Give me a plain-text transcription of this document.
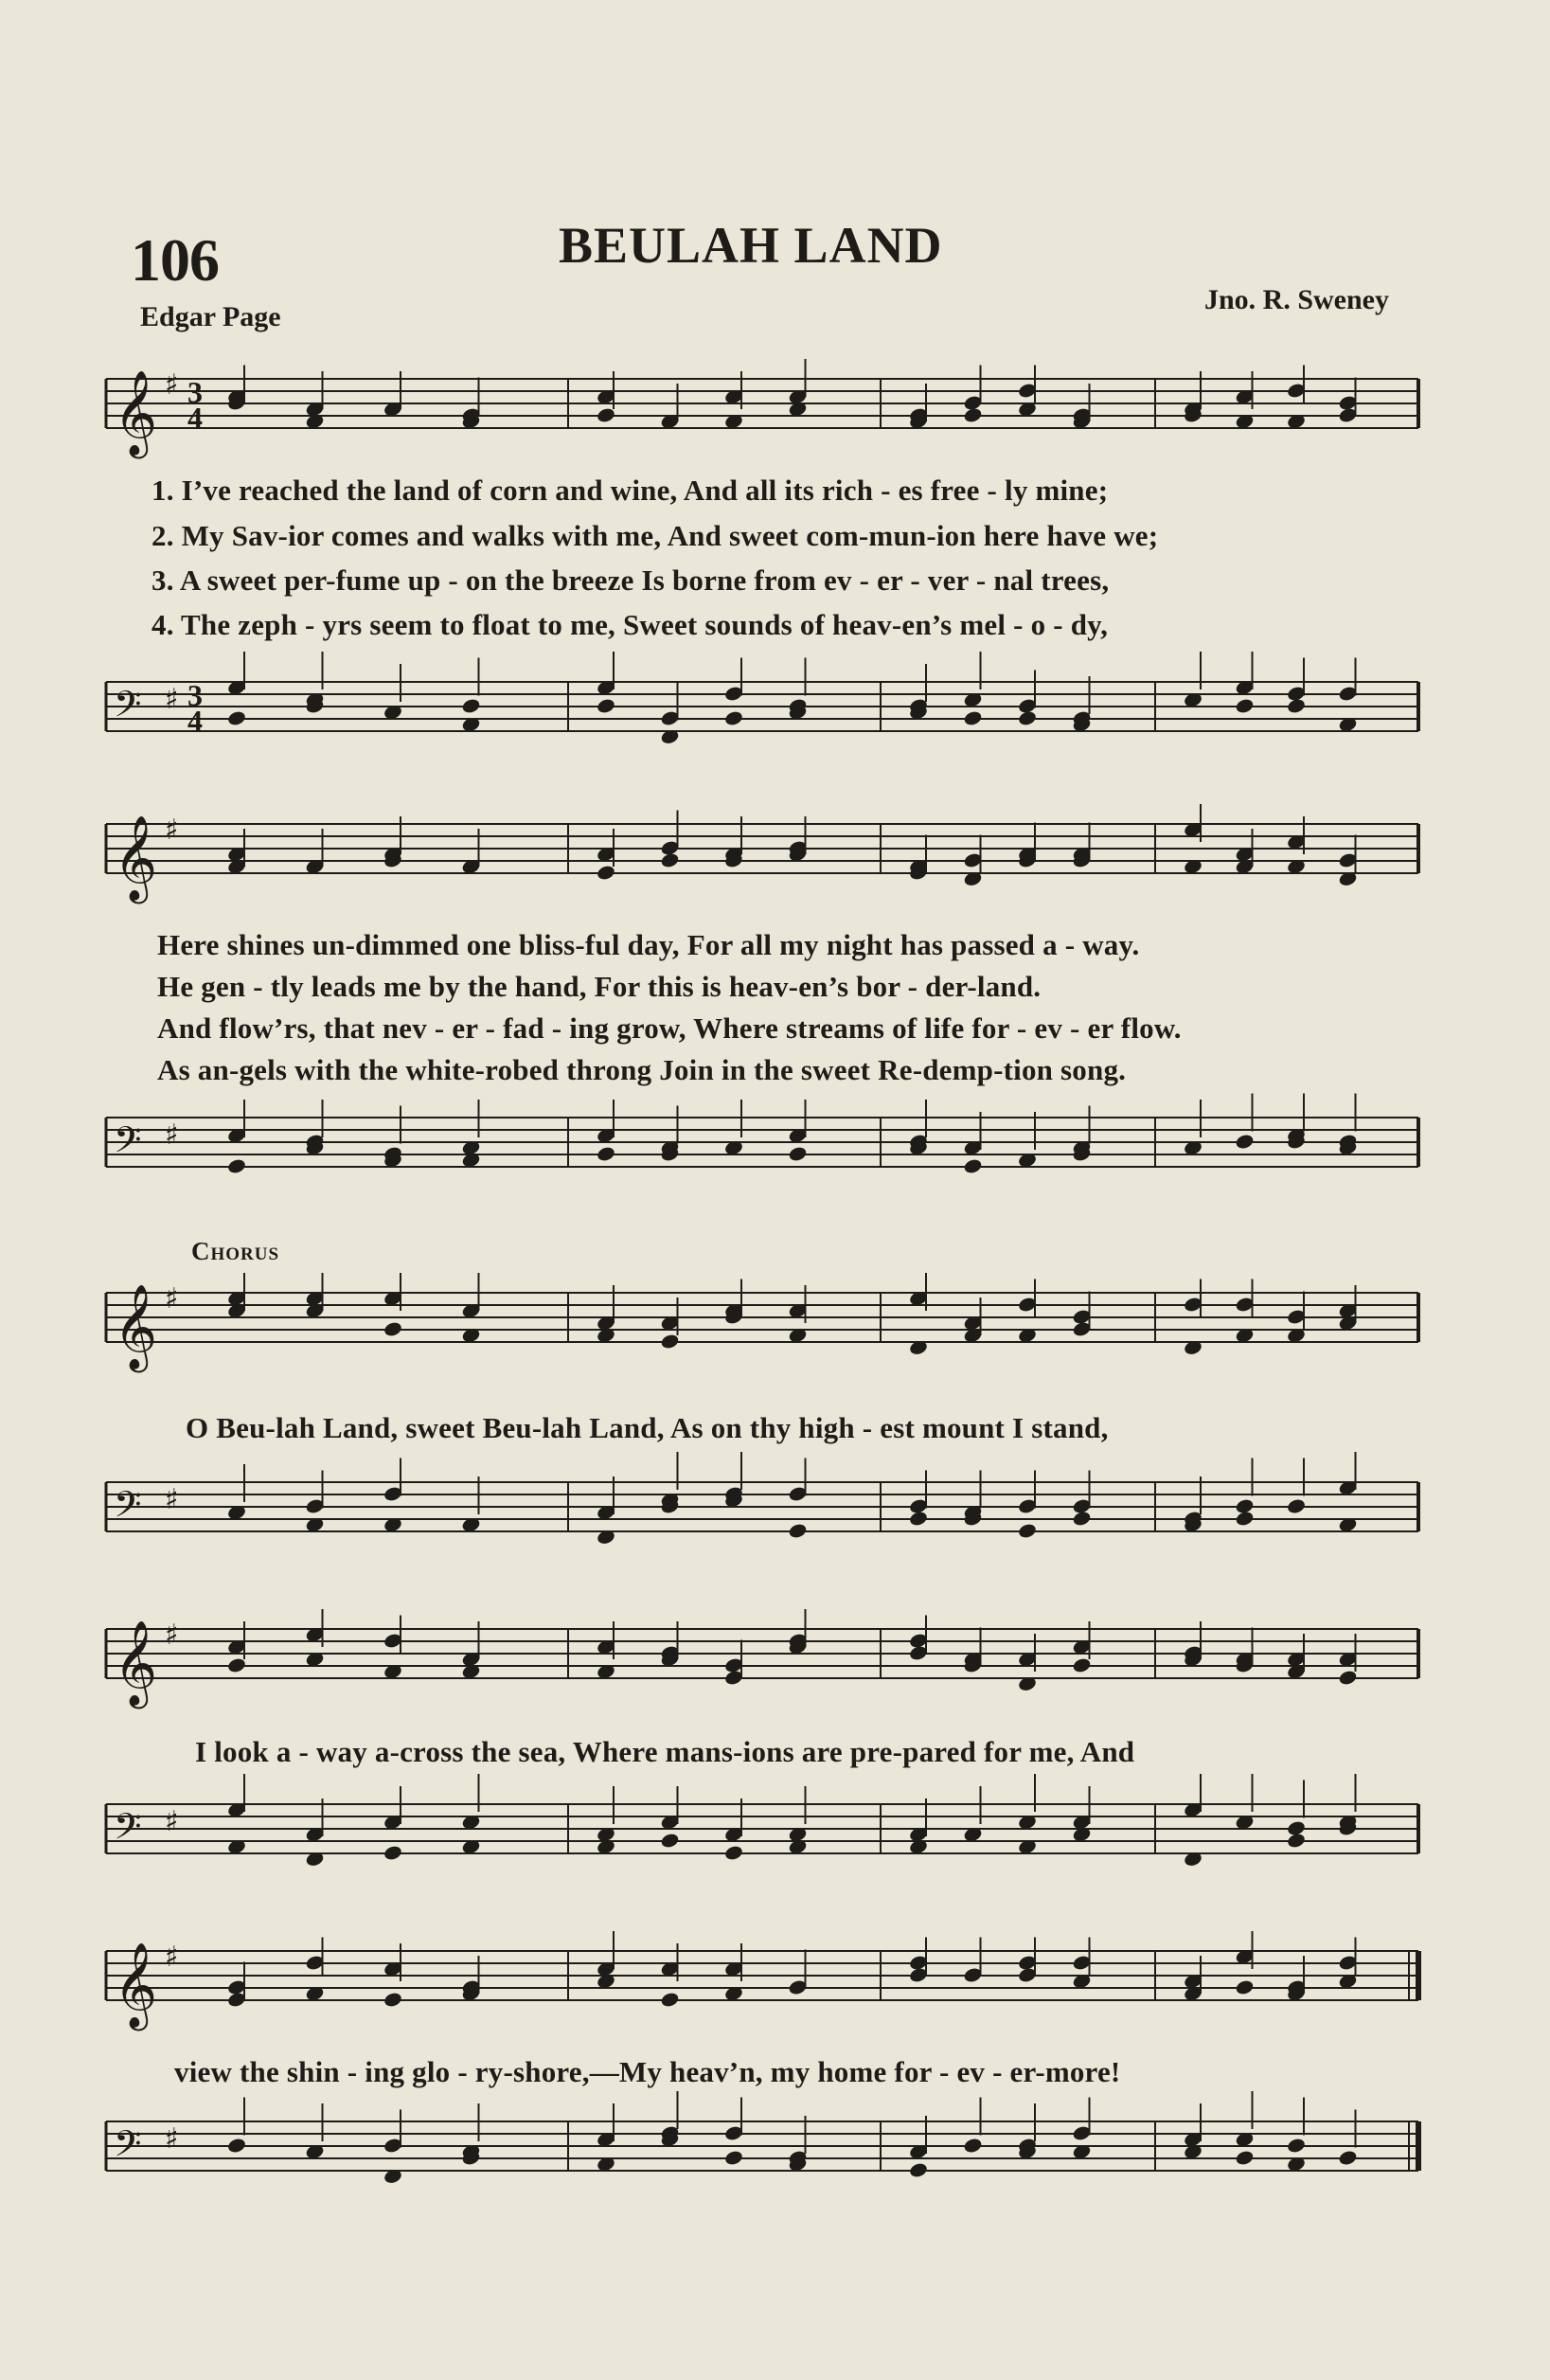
106	BEULAH LAND
Edgar Page
Jno. R. Sweney
𝄞 ♯ 3
4
1. I’ve reached the land of corn and wine, And all its rich - es free - ly mine;
2. My Sav-ior comes and walks with me, And sweet com-mun-ion here have we;
3. A sweet per-fume up - on the breeze Is borne from ev - er - ver - nal trees,
4. The zeph - yrs seem to float to me, Sweet sounds of heav-en’s mel - o - dy,
𝄢 ♯ 3
4
𝄞 ♯
Here shines un-dimmed one bliss-ful day, For all my night has passed a - way.
He gen - tly leads me by the hand, For this is heav-en’s bor - der-land.
And flow’rs, that nev - er - fad - ing grow, Where streams of life for - ev - er flow.
As an-gels with the white-robed throng Join in the sweet Re-demp-tion song.
𝄢 ♯
Chorus
𝄞 ♯
O Beu-lah Land, sweet Beu-lah Land, As on thy high - est mount I stand,
𝄢 ♯
𝄞 ♯
I look a - way a-cross the sea, Where mans-ions are pre-pared for me, And
𝄢 ♯
𝄞 ♯
view the shin - ing glo - ry-shore,—My heav’n, my home for - ev - er-more!
𝄢 ♯
